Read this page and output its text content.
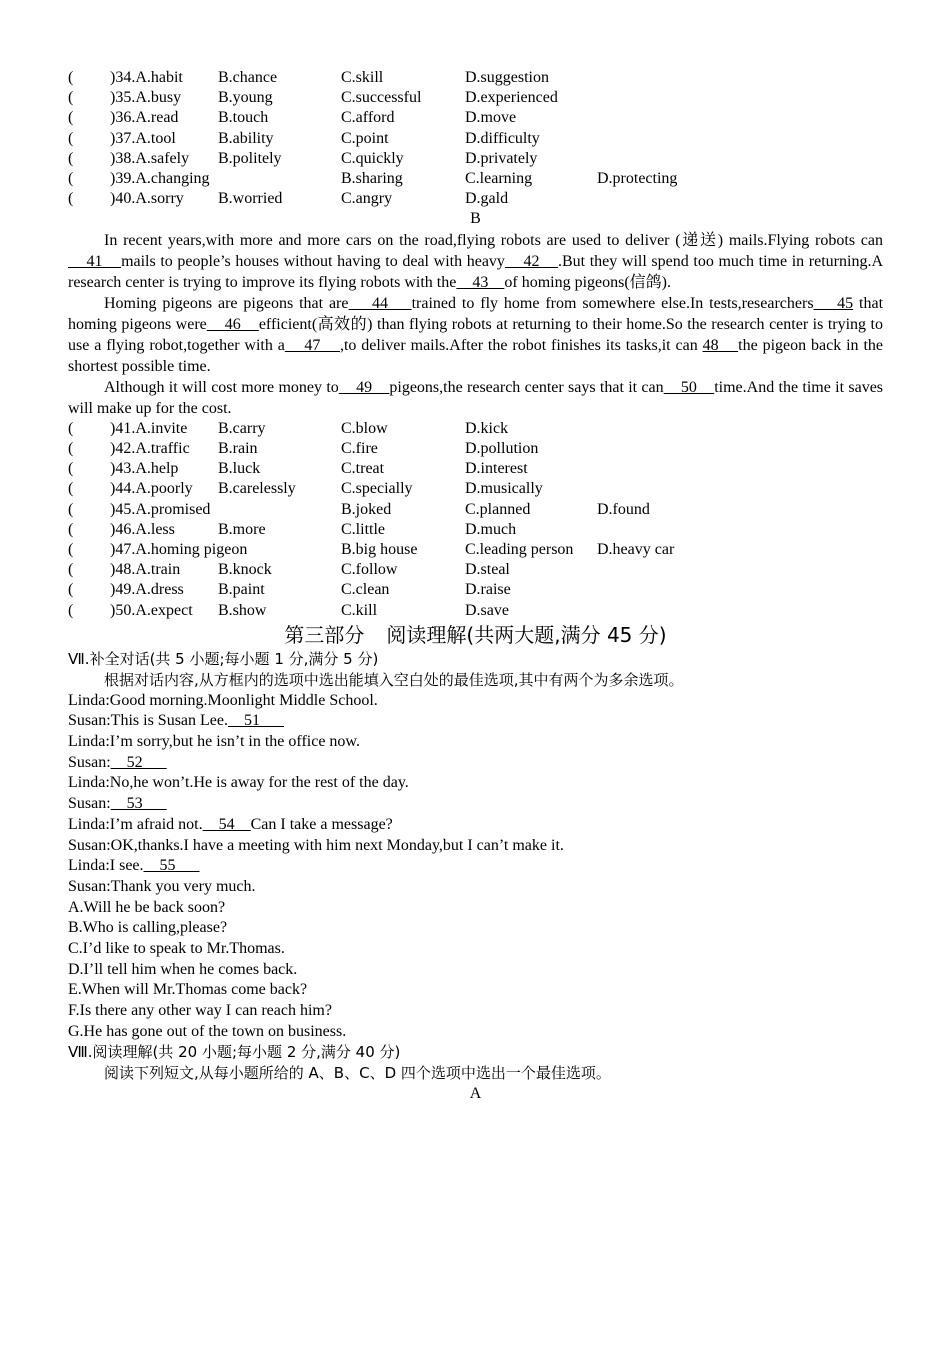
( )34.A.habit B.chance	C.skill	D.suggestion
( )35.A.busy B.young	C.successful	D.experienced
( )36.A.read B.touch	C.afford	D.move
( )37.A.tool	B.ability	C.point	D.difficulty
( )38.A.safely B.politely	C.quickly	D.privately
( )39.A.changing	B.sharing	C.learning	D.protecting
( )40.A.sorry B.worried	C.angry	D.gald
B

In recent years,with more and more cars on the road,flying robots are used to deliver (递送) mails.Flying robots can    41    mails to people’s houses without having to deal with heavy    42    .But they will spend too much time in returning.A research center is trying to improve its flying robots with the    43    of homing pigeons(信鸽).

Homing pigeons are pigeons that are    44    trained to fly home from somewhere else.In tests,researchers    45 that homing pigeons were    46    efficient(高效的) than flying robots at returning to their home.So the research center is trying to use a flying robot,together with a    47    ,to deliver mails.After the robot finishes its tasks,it can 48    the pigeon back in the shortest possible time.

Although it will cost more money to    49    pigeons,the research center says that it can    50    time.And the time it saves will make up for the cost.

( )41.A.invite B.carry	C.blow	D.kick
( )42.A.traffic B.rain	C.fire	D.pollution
( )43.A.help B.luck	C.treat	D.interest
( )44.A.poorly B.carelessly	C.specially	D.musically
( )45.A.promised	B.joked	C.planned	D.found
( )46.A.less	B.more	C.little	D.much
( )47.A.homing pigeon	B.big house	C.leading person D.heavy car
( )48.A.train B.knock	C.follow	D.steal
( )49.A.dress B.paint	C.clean	D.raise
( )50.A.expect B.show	C.kill	D.save
第三部分 阅读理解(共两大题,满分 45 分)
Ⅶ.补全对话(共 5 小题;每小题 1 分,满分 5 分)
根据对话内容,从方框内的选项中选出能填入空白处的最佳选项,其中有两个为多余选项。
Linda:Good morning.Moonlight Middle School.
Susan:This is Susan Lee.    51
Linda:I’m sorry,but he isn’t in the office now.
Susan:    52
Linda:No,he won’t.He is away for the rest of the day.
Susan:    53
Linda:I’m afraid not.    54    Can I take a message?
Susan:OK,thanks.I have a meeting with him next Monday,but I can’t make it.
Linda:I see.    55
Susan:Thank you very much.
A.Will he be back soon?
B.Who is calling,please?
C.I’d like to speak to Mr.Thomas.
D.I’ll tell him when he comes back.
E.When will Mr.Thomas come back?
F.Is there any other way I can reach him?
G.He has gone out of the town on business.
Ⅷ.阅读理解(共 20 小题;每小题 2 分,满分 40 分)
阅读下列短文,从每小题所给的 A、B、C、D 四个选项中选出一个最佳选项。
A
